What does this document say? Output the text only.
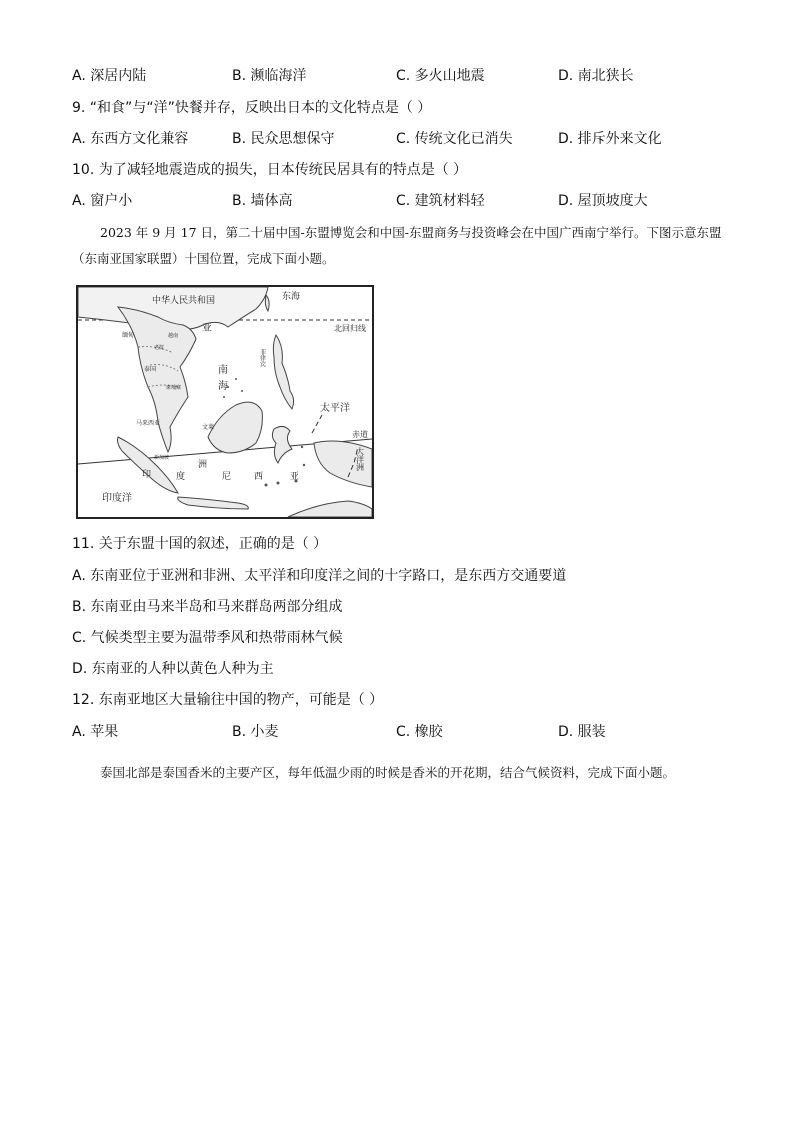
A. 深居内陆	B. 濒临海洋	C. 多火山地震	D. 南北狭长
9. “和食”与“洋”快餐并存，反映出日本的文化特点是（ ）
A. 东西方文化兼容	B. 民众思想保守	C. 传统文化已消失	D. 排斥外来文化
10. 为了减轻地震造成的损失，日本传统民居具有的特点是（ ）
A. 窗户小	B. 墙体高	C. 建筑材料轻	D. 屋顶坡度大
2023 年 9 月 17 日，第二十届中国-东盟博览会和中国-东盟商务与投资峰会在中国广西南宁举行。下图示意东盟（东南亚国家联盟）十国位置，完成下面小题。
中华人民共和国	东海
北回归线
缅甸	越南
亚
老挝
泰国
柬埔寨
南
海
菲律宾
太平洋
马来西亚
文莱
新加坡
赤道
印	度
洲
尼	西	亚
大洋洲
印度洋
11. 关于东盟十国的叙述，正确的是（ ）
A. 东南亚位于亚洲和非洲、太平洋和印度洋之间的十字路口，是东西方交通要道
B. 东南亚由马来半岛和马来群岛两部分组成
C. 气候类型主要为温带季风和热带雨林气候
D. 东南亚的人种以黄色人种为主
12. 东南亚地区大量输往中国的物产，可能是（ ）
A. 苹果	B. 小麦	C. 橡胶	D. 服装
泰国北部是泰国香米的主要产区，每年低温少雨的时候是香米的开花期，结合气候资料，完成下面小题。
